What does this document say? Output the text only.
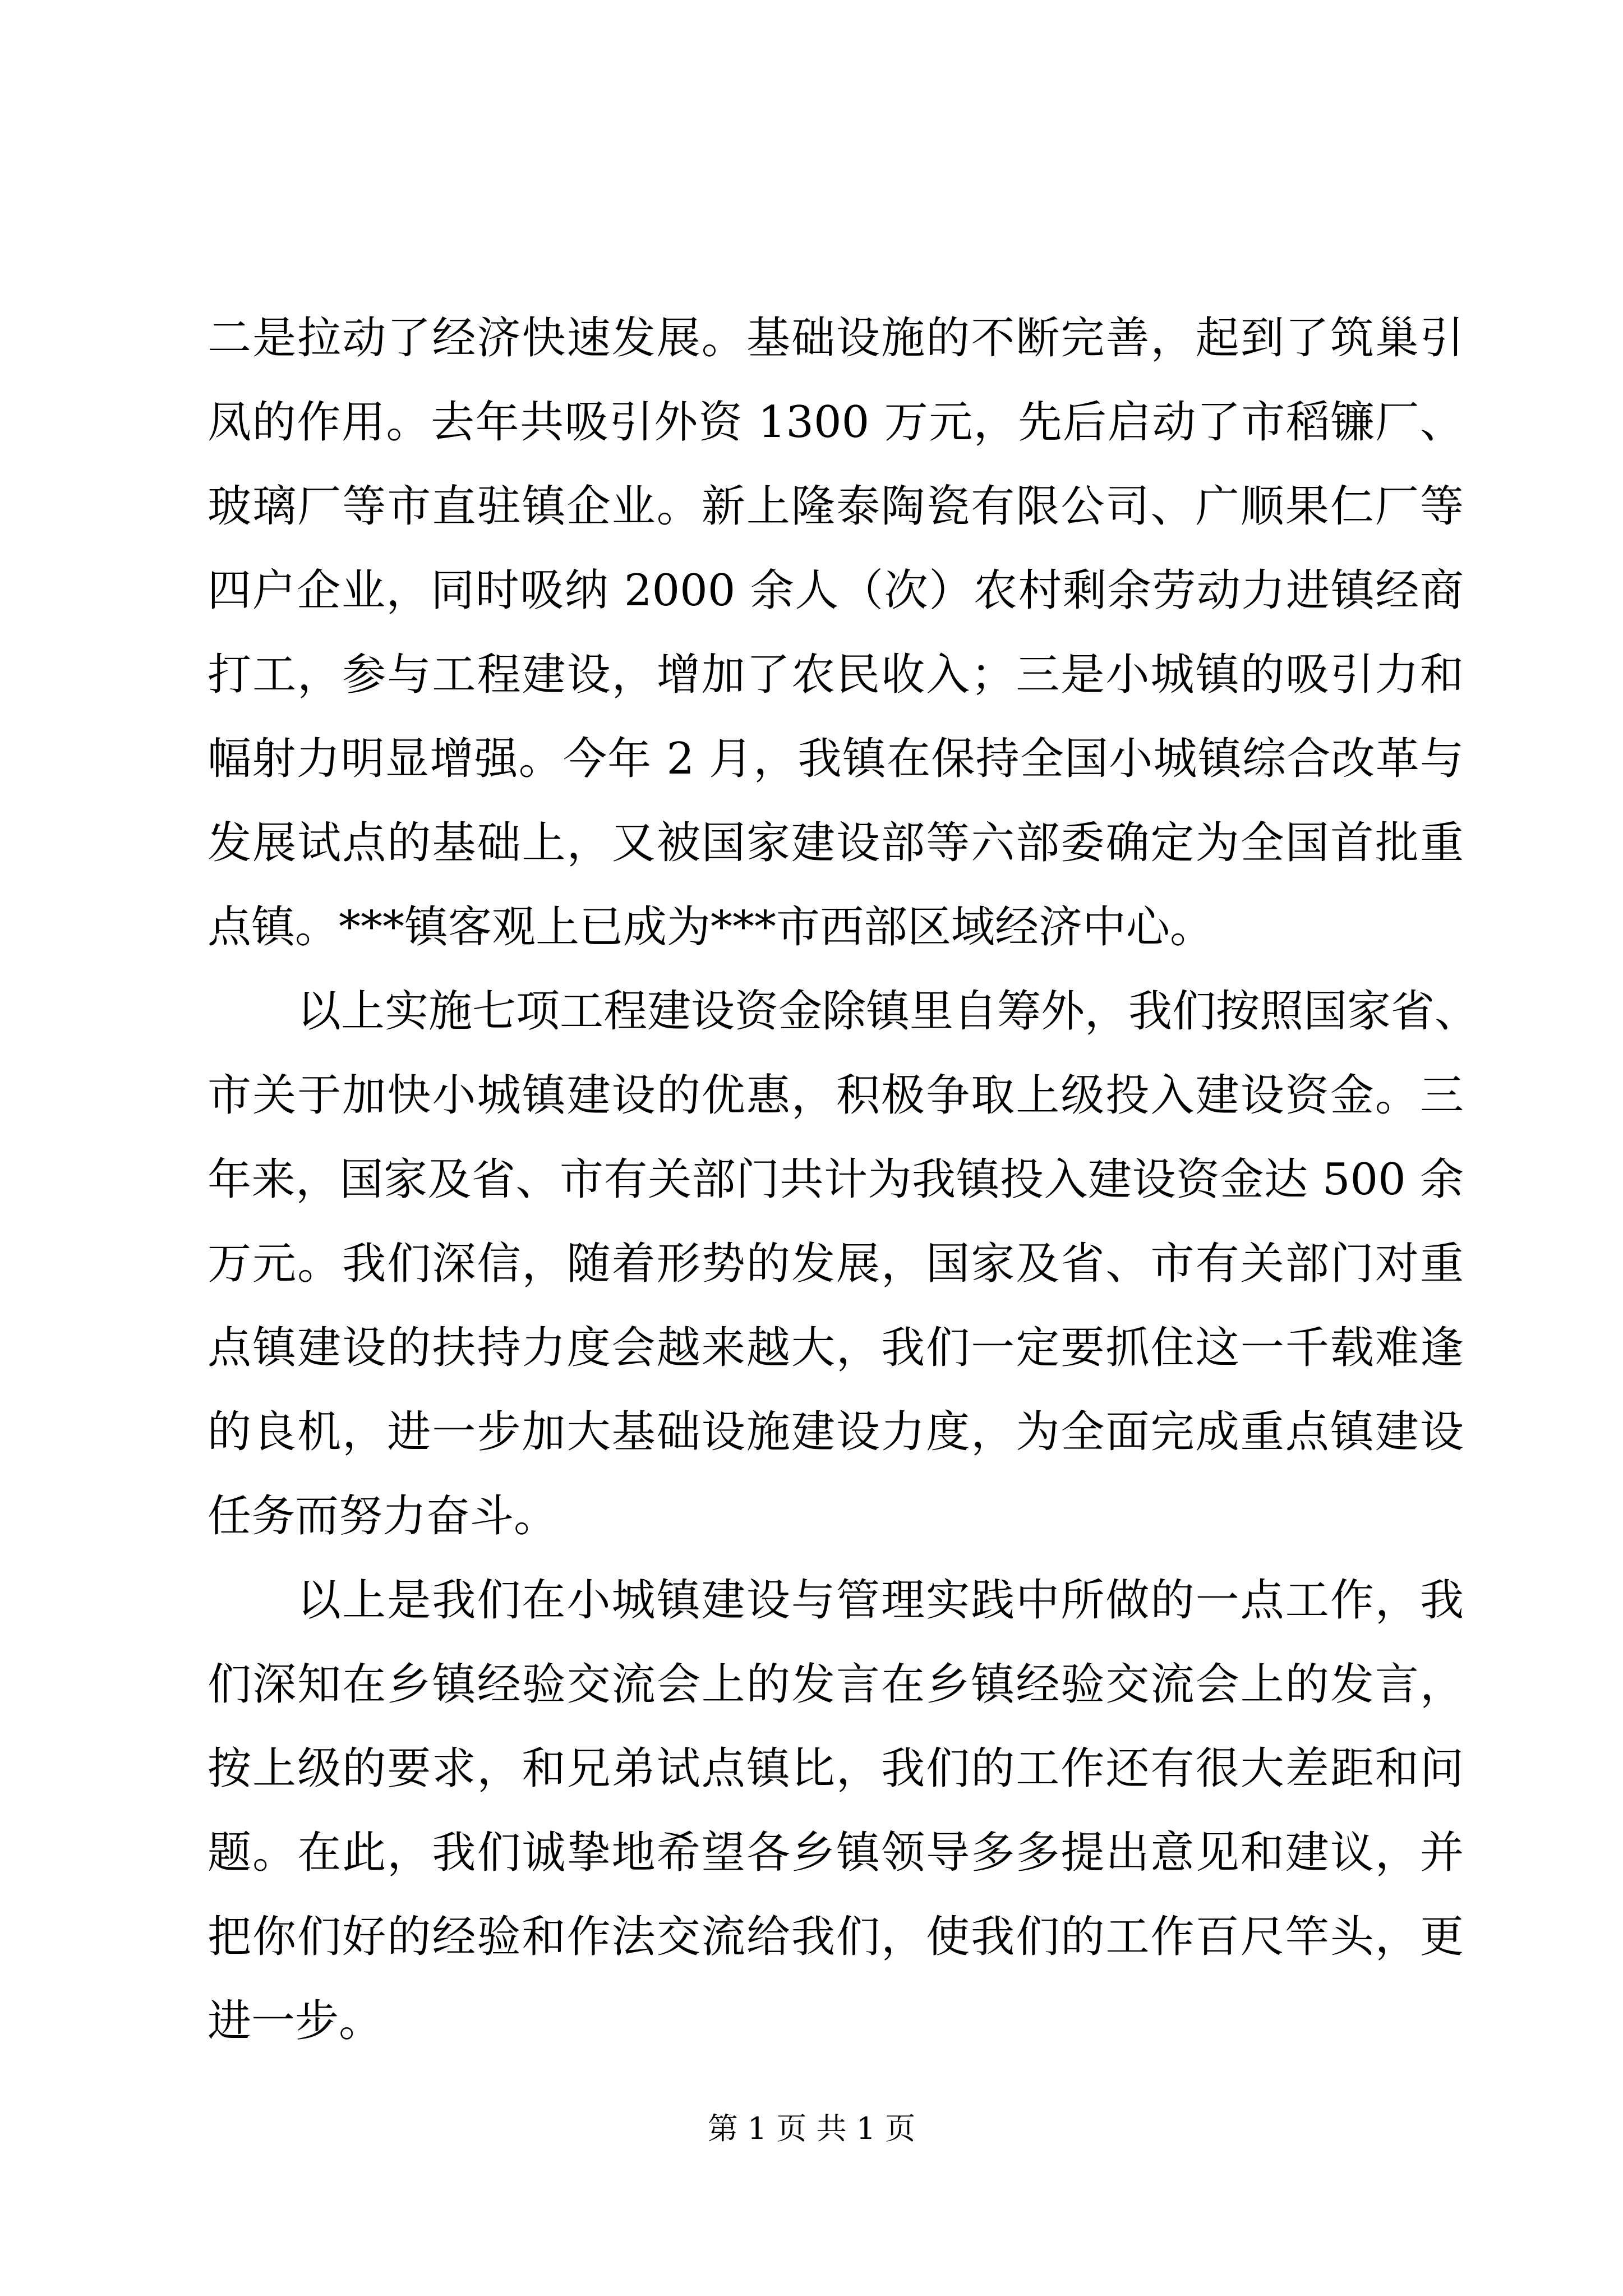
二是拉动了经济快速发展。基础设施的不断完善，起到了筑巢引
凤的作用。去年共吸引外资 1300 万元，先后启动了市稻镰厂、
玻璃厂等市直驻镇企业。新上隆泰陶瓷有限公司、广顺果仁厂等
四户企业，同时吸纳 2000 余人（次）农村剩余劳动力进镇经商
打工，参与工程建设，增加了农民收入；三是小城镇的吸引力和
幅射力明显增强。今年 2 月，我镇在保持全国小城镇综合改革与
发展试点的基础上，又被国家建设部等六部委确定为全国首批重
点镇。***镇客观上已成为***市西部区域经济中心。
以上实施七项工程建设资金除镇里自筹外，我们按照国家省、
市关于加快小城镇建设的优惠，积极争取上级投入建设资金。三
年来，国家及省、市有关部门共计为我镇投入建设资金达 500 余
万元。我们深信，随着形势的发展，国家及省、市有关部门对重
点镇建设的扶持力度会越来越大，我们一定要抓住这一千载难逢
的良机，进一步加大基础设施建设力度，为全面完成重点镇建设
任务而努力奋斗。
以上是我们在小城镇建设与管理实践中所做的一点工作，我
们深知在乡镇经验交流会上的发言在乡镇经验交流会上的发言，
按上级的要求，和兄弟试点镇比，我们的工作还有很大差距和问
题。在此，我们诚挚地希望各乡镇领导多多提出意见和建议，并
把你们好的经验和作法交流给我们，使我们的工作百尺竿头，更
进一步。
第 1 页 共 1 页
